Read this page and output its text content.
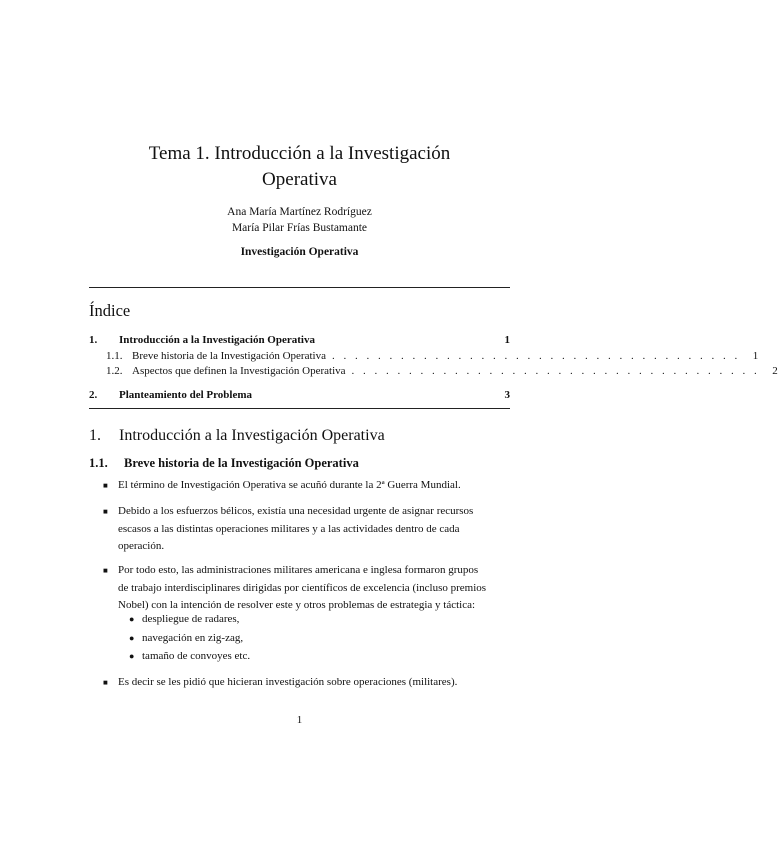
Tema 1. Introducción a la Investigación
Operativa
Ana María Martínez Rodríguez
María Pilar Frías Bustamante
Investigación Operativa
Índice
1.	Introducción a la Investigación Operativa	1
1.1. Breve historia de la Investigación Operativa . . . . . . . . . . . . . . . . . . . . . . . . . . . . . . . . . . . .	1
1.2. Aspectos que definen la Investigación Operativa . . . . . . . . . . . . . . . . . . . . . . . . . . . . . . . . . . . .	2
2.	Planteamiento del Problema	3
1. Introducción a la Investigación Operativa
1.1. Breve historia de la Investigación Operativa
■ El término de Investigación Operativa se acuñó durante la 2ª Guerra Mundial.
■ Debido a los esfuerzos bélicos, existía una necesidad urgente de asignar recursos
escasos a las distintas operaciones militares y a las actividades dentro de cada
operación.
■ Por todo esto, las administraciones militares americana e inglesa formaron grupos
de trabajo interdisciplinares dirigidas por científicos de excelencia (incluso premios
Nobel) con la intención de resolver este y otros problemas de estrategia y táctica:
● despliegue de radares,
● navegación en zig-zag,
● tamaño de convoyes etc.
■ Es decir se les pidió que hicieran investigación sobre operaciones (militares).
1
